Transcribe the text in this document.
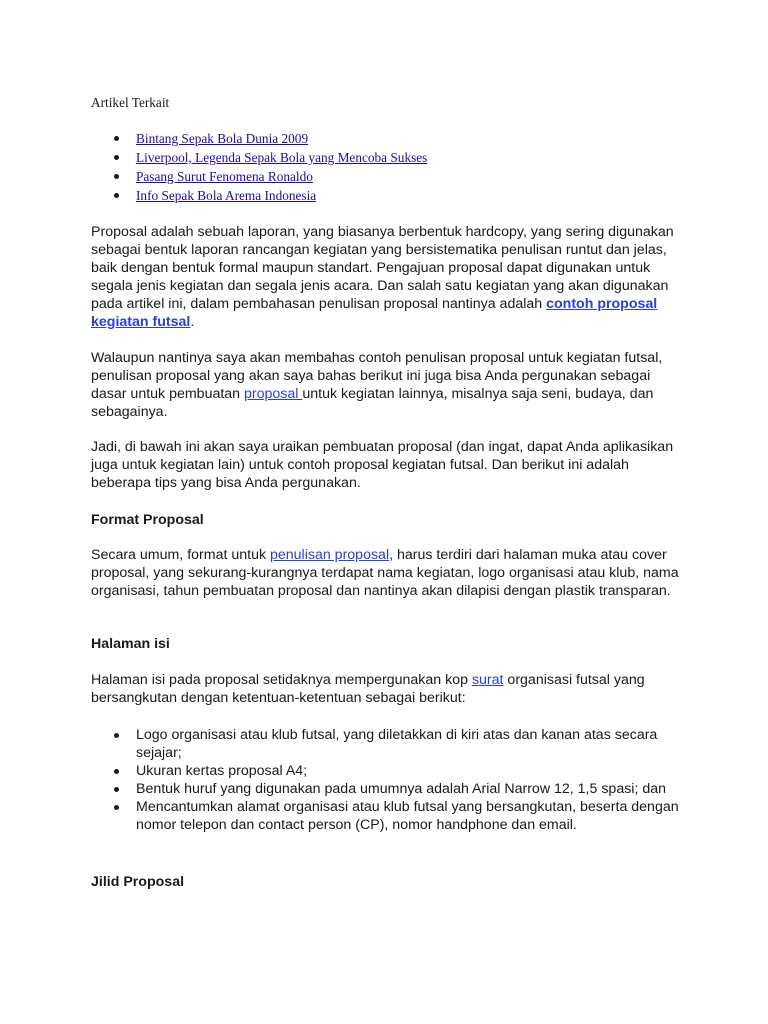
Artikel Terkait
Bintang Sepak Bola Dunia 2009
Liverpool, Legenda Sepak Bola yang Mencoba Sukses
Pasang Surut Fenomena Ronaldo
Info Sepak Bola Arema Indonesia

Proposal adalah sebuah laporan, yang biasanya berbentuk hardcopy, yang sering digunakan sebagai bentuk laporan rancangan kegiatan yang bersistematika penulisan runtut dan jelas, baik dengan bentuk formal maupun standart. Pengajuan proposal dapat digunakan untuk segala jenis kegiatan dan segala jenis acara. Dan salah satu kegiatan yang akan digunakan pada artikel ini, dalam pembahasan penulisan proposal nantinya adalah contoh proposal kegiatan futsal.

Walaupun nantinya saya akan membahas contoh penulisan proposal untuk kegiatan futsal, penulisan proposal yang akan saya bahas berikut ini juga bisa Anda pergunakan sebagai dasar untuk pembuatan proposal untuk kegiatan lainnya, misalnya saja seni, budaya, dan sebagainya.

Jadi, di bawah ini akan saya uraikan pembuatan proposal (dan ingat, dapat Anda aplikasikan juga untuk kegiatan lain) untuk contoh proposal kegiatan futsal. Dan berikut ini adalah beberapa tips yang bisa Anda pergunakan.

Format Proposal

Secara umum, format untuk penulisan proposal, harus terdiri dari halaman muka atau cover proposal, yang sekurang-kurangnya terdapat nama kegiatan, logo organisasi atau klub, nama organisasi, tahun pembuatan proposal dan nantinya akan dilapisi dengan plastik transparan.

Halaman isi

Halaman isi pada proposal setidaknya mempergunakan kop surat organisasi futsal yang bersangkutan dengan ketentuan-ketentuan sebagai berikut:

Logo organisasi atau klub futsal, yang diletakkan di kiri atas dan kanan atas secara sejajar;
Ukuran kertas proposal A4;
Bentuk huruf yang digunakan pada umumnya adalah Arial Narrow 12, 1,5 spasi; dan
Mencantumkan alamat organisasi atau klub futsal yang bersangkutan, beserta dengan nomor telepon dan contact person (CP), nomor handphone dan email.
Jilid Proposal
